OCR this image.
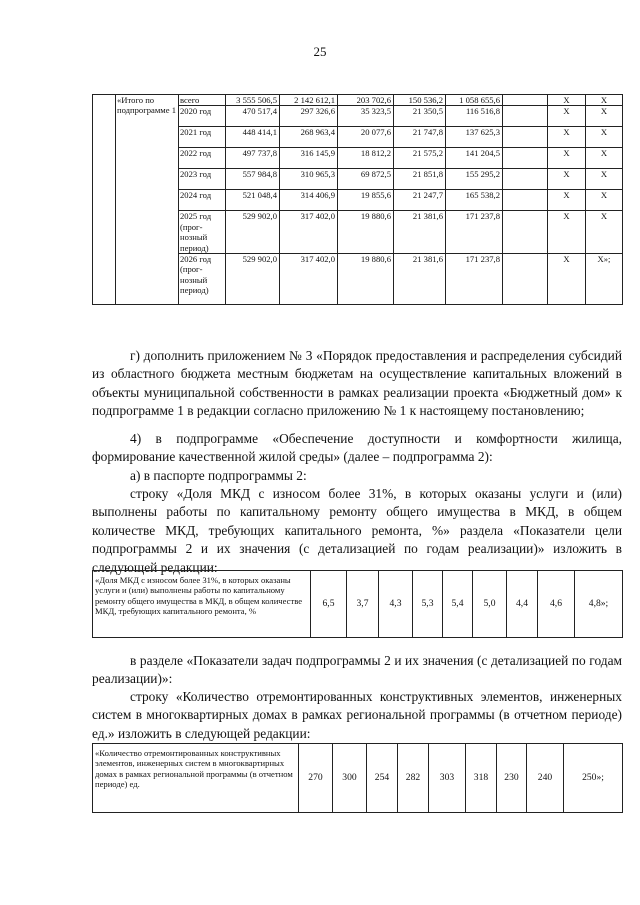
25
	«Итого по подпрограмме 1	всего	3 555 506,5	2 142 612,1	203 702,6	150 536,2	1 058 655,6		Х	Х
		2020 год	470 517,4	297 326,6	35 323,5	21 350,5	116 516,8		Х	Х
		2021 год	448 414,1	268 963,4	20 077,6	21 747,8	137 625,3		Х	Х
		2022 год	497 737,8	316 145,9	18 812,2	21 575,2	141 204,5		Х	Х
		2023 год	557 984,8	310 965,3	69 872,5	21 851,8	155 295,2		Х	Х
		2024 год	521 048,4	314 406,9	19 855,6	21 247,7	165 538,2		Х	Х
		2025 год (прог-нозный период)	529 902,0	317 402,0	19 880,6	21 381,6	171 237,8		Х	Х
		2026 год (прог-нозный период)	529 902,0	317 402,0	19 880,6	21 381,6	171 237,8		Х	Х»;

г) дополнить приложением № 3 «Порядок предоставления и распределения субсидий из областного бюджета местным бюджетам на осуществление капитальных вложений в объекты муниципальной собственности в рамках реализации проекта «Бюджетный дом» к подпрограмме 1 в редакции согласно приложению № 1 к настоящему постановлению;

4) в подпрограмме «Обеспечение доступности и комфортности жилища, формирование качественной жилой среды» (далее – подпрограмма 2):

а) в паспорте подпрограммы 2:

строку «Доля МКД с износом более 31%, в которых оказаны услуги и (или) выполнены работы по капитальному ремонту общего имущества в МКД, в общем количестве МКД, требующих капитального ремонта, %» раздела «Показатели цели подпрограммы 2 и их значения (с детализацией по годам реализации)» изложить в следующей редакции:

«Доля МКД с износом более 31%, в которых оказаны услуги и (или) выполнены работы по капитальному ремонту общего имущества в МКД, в общем количестве МКД, требующих капитального ремонта, %	6,5	3,7	4,3	5,3	5,4	5,0	4,4	4,6	4,8»;

в разделе «Показатели задач подпрограммы 2 и их значения (с детализацией по годам реализации)»:

строку «Количество отремонтированных конструктивных элементов, инженерных систем в многоквартирных домах в рамках региональной программы (в отчетном периоде) ед.» изложить в следующей редакции:

«Количество отремонтированных конструктивных элементов, инженерных систем в многоквартирных домах в рамках региональной программы (в отчетном периоде) ед.	270	300	254	282	303	318	230	240	250»;
